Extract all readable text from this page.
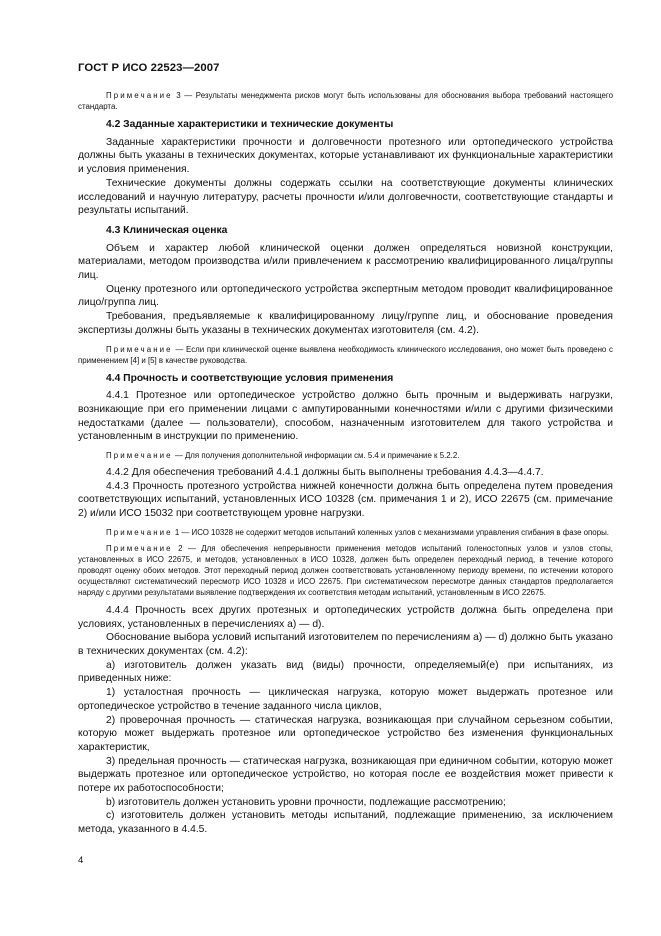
ГОСТ Р ИСО 22523—2007

Примечание 3 — Результаты менеджмента рисков могут быть использованы для обоснования выбора требований настоящего стандарта.

4.2 Заданные характеристики и технические документы

Заданные характеристики прочности и долговечности протезного или ортопедического устройства должны быть указаны в технических документах, которые устанавливают их функциональные характеристики и условия применения.

Технические документы должны содержать ссылки на соответствующие документы клинических исследований и научную литературу, расчеты прочности и/или долговечности, соответствующие стандарты и результаты испытаний.

4.3 Клиническая оценка

Объем и характер любой клинической оценки должен определяться новизной конструкции, материалами, методом производства и/или привлечением к рассмотрению квалифицированного лица/группы лиц.

Оценку протезного или ортопедического устройства экспертным методом проводит квалифицированное лицо/группа лиц.

Требования, предъявляемые к квалифицированному лицу/группе лиц, и обоснование проведения экспертизы должны быть указаны в технических документах изготовителя (см. 4.2).

Примечание — Если при клинической оценке выявлена необходимость клинического исследования, оно может быть проведено с применением [4] и [5] в качестве руководства.

4.4 Прочность и соответствующие условия применения

4.4.1 Протезное или ортопедическое устройство должно быть прочным и выдерживать нагрузки, возникающие при его применении лицами с ампутированными конечностями и/или с другими физическими недостатками (далее — пользователи), способом, назначенным изготовителем для такого устройства и установленным в инструкции по применению.

Примечание — Для получения дополнительной информации см. 5.4 и примечание к 5.2.2.

4.4.2 Для обеспечения требований 4.4.1 должны быть выполнены требования 4.4.3—4.4.7.

4.4.3 Прочность протезного устройства нижней конечности должна быть определена путем проведения соответствующих испытаний, установленных ИСО 10328 (см. примечания 1 и 2), ИСО 22675 (см. примечание 2) и/или ИСО 15032 при соответствующем уровне нагрузки.

Примечание 1 — ИСО 10328 не содержит методов испытаний коленных узлов с механизмами управления сгибания в фазе опоры.

Примечание 2 — Для обеспечения непрерывности применения методов испытаний голеностопных узлов и узлов стопы, установленных в ИСО 22675, и методов, установленных в ИСО 10328, должен быть определен переходный период, в течение которого проводят оценку обоих методов. Этот переходный период должен соответствовать установленному периоду времени, по истечении которого осуществляют систематический пересмотр ИСО 10328 и ИСО 22675. При систематическом пересмотре данных стандартов предполагается наряду с другими результатами выявление подтверждения их соответствия методам испытаний, установленным в ИСО 22675.

4.4.4 Прочность всех других протезных и ортопедических устройств должна быть определена при условиях, установленных в перечислениях а) — d).

Обоснование выбора условий испытаний изготовителем по перечислениям а) — d) должно быть указано в технических документах (см. 4.2):

а) изготовитель должен указать вид (виды) прочности, определяемый(е) при испытаниях, из приведенных ниже:

1) усталостная прочность — циклическая нагрузка, которую может выдержать протезное или ортопедическое устройство в течение заданного числа циклов,

2) проверочная прочность — статическая нагрузка, возникающая при случайном серьезном событии, которую может выдержать протезное или ортопедическое устройство без изменения функциональных характеристик,

3) предельная прочность — статическая нагрузка, возникающая при единичном событии, которую может выдержать протезное или ортопедическое устройство, но которая после ее воздействия может привести к потере их работоспособности;

b) изготовитель должен установить уровни прочности, подлежащие рассмотрению;

с) изготовитель должен установить методы испытаний, подлежащие применению, за исключением метода, указанного в 4.4.5.

4
